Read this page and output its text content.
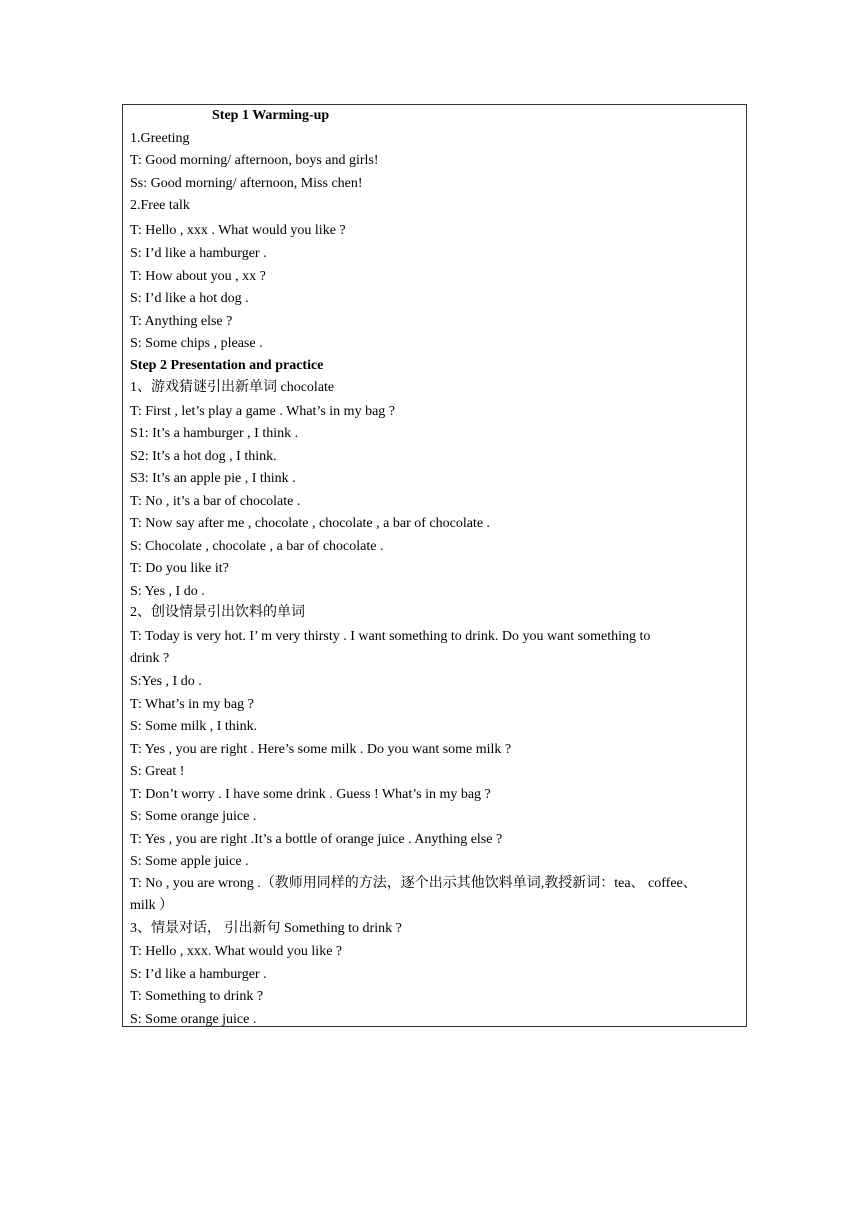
Step 1 Warming-up
1.Greeting
T: Good morning/ afternoon, boys and girls!
Ss: Good morning/ afternoon, Miss chen!
2.Free talk
T: Hello , xxx . What would you like ?
S: I’d like a hamburger .
T: How about you , xx ?
S: I’d like a hot dog .
T: Anything else ?
S: Some chips , please .
Step 2 Presentation and practice
1、游戏猜谜引出新单词 chocolate
T: First , let’s play a game . What’s in my bag ?
S1: It’s a hamburger , I think .
S2: It’s a hot dog , I think.
S3: It’s an apple pie , I think .
T: No , it’s a bar of chocolate .
T: Now say after me , chocolate , chocolate , a bar of chocolate .
S: Chocolate , chocolate , a bar of chocolate .
T: Do you like it?
S: Yes , I do .
2、创设情景引出饮料的单词
T: Today is very hot. I’ m very thirsty . I want something to drink. Do you want something to
drink ?
S:Yes , I do .
T: What’s in my bag ?
S: Some milk , I think.
T: Yes , you are right . Here’s some milk . Do you want some milk ?
S: Great !
T: Don’t worry . I have some drink . Guess ! What’s in my bag ?
S: Some orange juice .
T: Yes , you are right .It’s a bottle of orange juice . Anything else ?
S: Some apple juice .
T: No , you are wrong .（教师用同样的方法，逐个出示其他饮料单词,教授新词：tea、 coffee、
milk ）
3、情景对话， 引出新句 Something to drink ?
T: Hello , xxx. What would you like ?
S: I’d like a hamburger .
T: Something to drink ?
S: Some orange juice .
